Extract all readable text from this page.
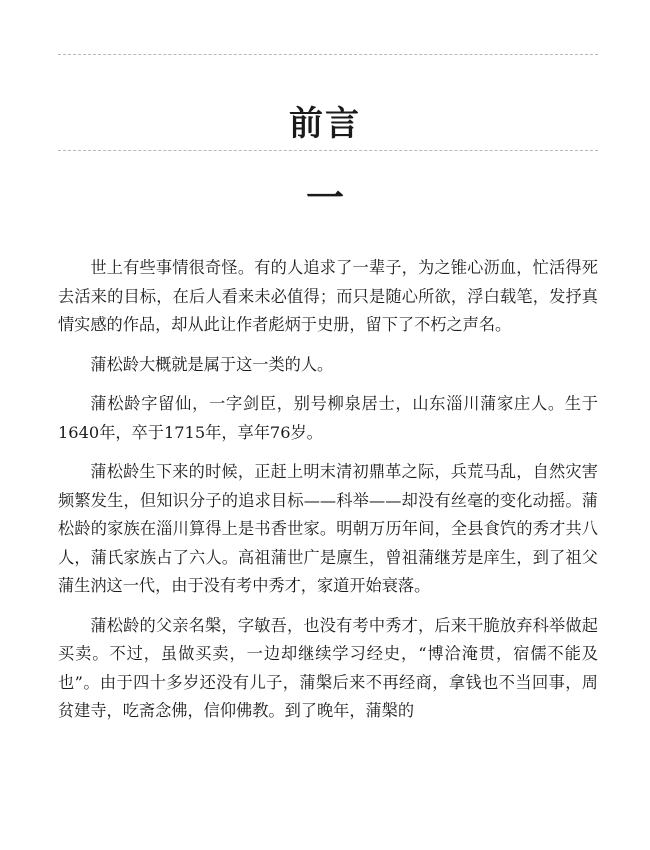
前言
一

世上有些事情很奇怪。有的人追求了一辈子，为之锥心沥血，忙活得死去活来的目标，在后人看来未必值得；而只是随心所欲，浮白载笔，发抒真情实感的作品，却从此让作者彪炳于史册，留下了不朽之声名。

蒲松龄大概就是属于这一类的人。

蒲松龄字留仙，一字剑臣，别号柳泉居士，山东淄川蒲家庄人。生于1640年，卒于1715年，享年76岁。

蒲松龄生下来的时候，正赶上明末清初鼎革之际，兵荒马乱，自然灾害频繁发生，但知识分子的追求目标——科举——却没有丝毫的变化动摇。蒲松龄的家族在淄川算得上是书香世家。明朝万历年间，全县食饩的秀才共八人，蒲氏家族占了六人。高祖蒲世广是廪生，曾祖蒲继芳是庠生，到了祖父蒲生汭这一代，由于没有考中秀才，家道开始衰落。

蒲松龄的父亲名槃，字敏吾，也没有考中秀才，后来干脆放弃科举做起买卖。不过，虽做买卖，一边却继续学习经史，“博洽淹贯，宿儒不能及也”。由于四十多岁还没有儿子，蒲槃后来不再经商，拿钱也不当回事，周贫建寺，吃斋念佛，信仰佛教。到了晚年，蒲槃的
